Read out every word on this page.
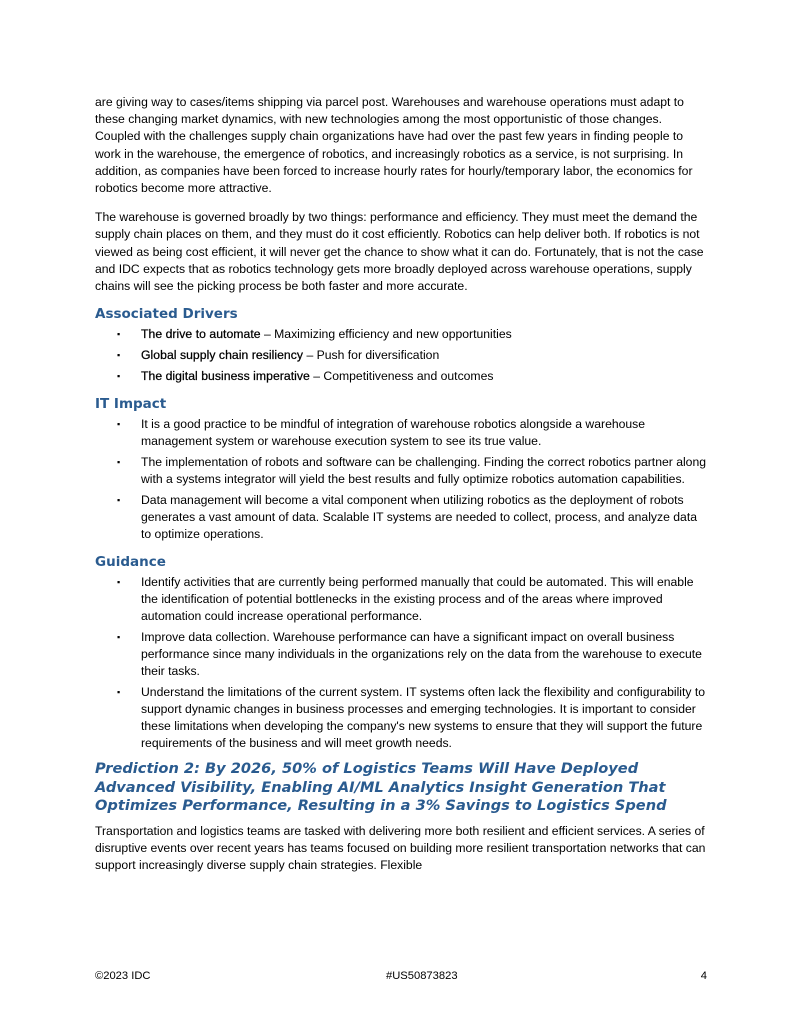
are giving way to cases/items shipping via parcel post. Warehouses and warehouse operations must adapt to these changing market dynamics, with new technologies among the most opportunistic of those changes. Coupled with the challenges supply chain organizations have had over the past few years in finding people to work in the warehouse, the emergence of robotics, and increasingly robotics as a service, is not surprising. In addition, as companies have been forced to increase hourly rates for hourly/temporary labor, the economics for robotics become more attractive.

The warehouse is governed broadly by two things: performance and efficiency. They must meet the demand the supply chain places on them, and they must do it cost efficiently. Robotics can help deliver both. If robotics is not viewed as being cost efficient, it will never get the chance to show what it can do. Fortunately, that is not the case and IDC expects that as robotics technology gets more broadly deployed across warehouse operations, supply chains will see the picking process be both faster and more accurate.

Associated Drivers
▪ The drive to automate – Maximizing efficiency and new opportunities
▪ Global supply chain resiliency – Push for diversification
▪ The digital business imperative – Competitiveness and outcomes
IT Impact
▪ It is a good practice to be mindful of integration of warehouse robotics alongside a warehouse management system or warehouse execution system to see its true value.
▪ The implementation of robots and software can be challenging. Finding the correct robotics partner along with a systems integrator will yield the best results and fully optimize robotics automation capabilities.
▪ Data management will become a vital component when utilizing robotics as the deployment of robots generates a vast amount of data. Scalable IT systems are needed to collect, process, and analyze data to optimize operations.
Guidance
▪ Identify activities that are currently being performed manually that could be automated. This will enable the identification of potential bottlenecks in the existing process and of the areas where improved automation could increase operational performance.
▪ Improve data collection. Warehouse performance can have a significant impact on overall business performance since many individuals in the organizations rely on the data from the warehouse to execute their tasks.
▪ Understand the limitations of the current system. IT systems often lack the flexibility and configurability to support dynamic changes in business processes and emerging technologies. It is important to consider these limitations when developing the company's new systems to ensure that they will support the future requirements of the business and will meet growth needs.
Prediction 2: By 2026, 50% of Logistics Teams Will Have Deployed Advanced Visibility, Enabling AI/ML Analytics Insight Generation That Optimizes Performance, Resulting in a 3% Savings to Logistics Spend

Transportation and logistics teams are tasked with delivering more both resilient and efficient services. A series of disruptive events over recent years has teams focused on building more resilient transportation networks that can support increasingly diverse supply chain strategies. Flexible

©2023 IDC	#US50873823	4
